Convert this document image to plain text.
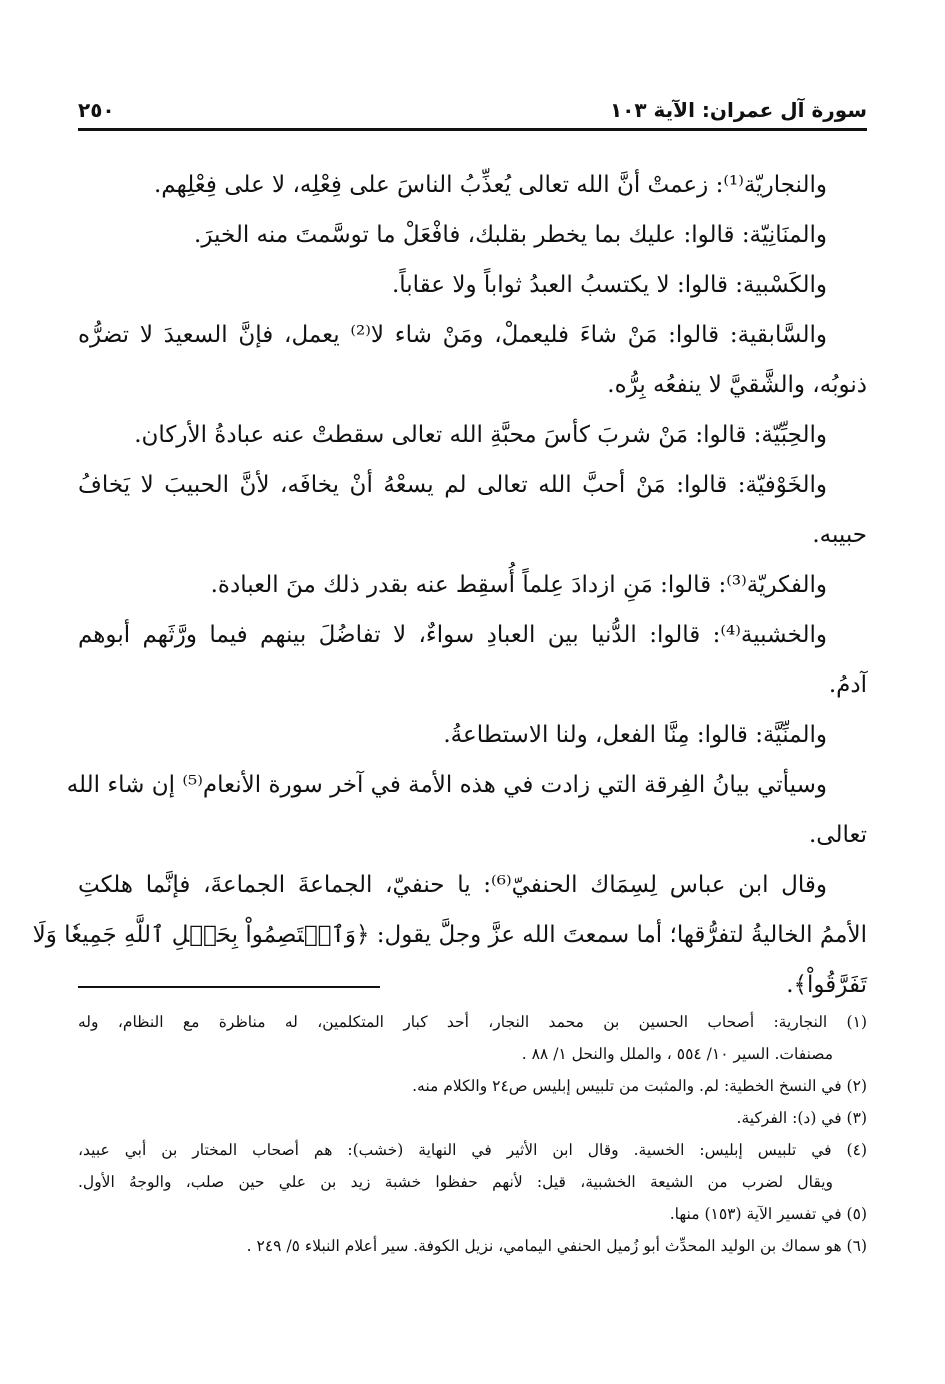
سورة آل عمران: الآية ١٠٣
٢٥٠
والنجاريّة⁽¹⁾: زعمتْ أنَّ الله تعالى يُعذِّبُ الناسَ على فِعْلِه، لا على فِعْلِهم.
والمنَانِيّة: قالوا: عليك بما يخطر بقلبك، فافْعَلْ ما توسَّمتَ منه الخيرَ.
والكَسْبية: قالوا: لا يكتسبُ العبدُ ثواباً ولا عقاباً.
والسَّابقية: قالوا: مَنْ شاءَ فليعملْ، ومَنْ شاء لا⁽²⁾ يعمل، فإنَّ السعيدَ لا تضرُّه
ذنوبُه، والشَّقيَّ لا ينفعُه بِرُّه.
والحِبِّيّة: قالوا: مَنْ شربَ كأسَ محبَّةِ الله تعالى سقطتْ عنه عبادةُ الأركان.
والخَوْفيّة: قالوا: مَنْ أحبَّ الله تعالى لم يسعْهُ أنْ يخافَه، لأنَّ الحبيبَ لا يَخافُ
حبيبه.
والفكريّة⁽³⁾: قالوا: مَنِ ازدادَ عِلماً أُسقِط عنه بقدر ذلك منَ العبادة.
والخشبية⁽⁴⁾: قالوا: الدُّنيا بين العبادِ سواءٌ، لا تفاضُلَ بينهم فيما ورَّثَهم أبوهم
آدمُ.
والمنِّيَّة: قالوا: مِنَّا الفعل، ولنا الاستطاعةُ.
وسيأتي بيانُ الفِرقة التي زادت في هذه الأمة في آخر سورة الأنعام⁽⁵⁾ إن شاء الله
تعالى.
وقال ابن عباس لِسِمَاك الحنفيّ⁽⁶⁾: يا حنفيّ، الجماعةَ الجماعةَ، فإنَّما هلكتِ
الأممُ الخاليةُ لتفرُّقها؛ أما سمعتَ الله عزَّ وجلَّ يقول: ﴿وَٱعۡتَصِمُواْ بِحَبۡلِ ٱللَّهِ جَمِيعٗا وَلَا
تَفَرَّقُواْ﴾.
(١) النجارية: أصحاب الحسين بن محمد النجار، أحد كبار المتكلمين، له مناظرة مع النظام، وله
مصنفات. السير ١٠/ ٥٥٤ ، والملل والنحل ١/ ٨٨ .
(٢) في النسخ الخطية: لم. والمثبت من تلبيس إبليس ص٢٤ والكلام منه.
(٣) في (د): الفركية.
(٤) في تلبيس إبليس: الخسية. وقال ابن الأثير في النهاية (خشب): هم أصحاب المختار بن أبي عبيد،
ويقال لضرب من الشيعة الخشبية، قيل: لأنهم حفظوا خشبة زيد بن علي حين صلب، والوجهُ الأول.
(٥) في تفسير الآية (١٥٣) منها.
(٦) هو سماك بن الوليد المحدِّث أبو زُميل الحنفي اليمامي، نزيل الكوفة. سير أعلام النبلاء ٥/ ٢٤٩ .
